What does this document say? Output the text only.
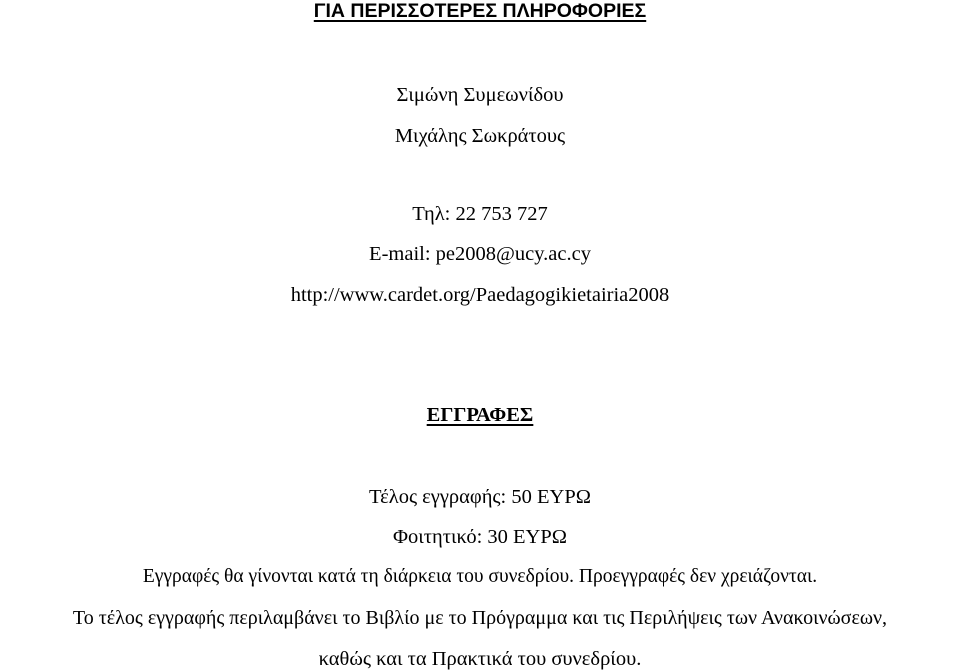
ΓΙΑ ΠΕΡΙΣΣΟΤΕΡΕΣ ΠΛΗΡΟΦΟΡΙΕΣ
Σιμώνη Συμεωνίδου
Μιχάλης Σωκράτους
Τηλ: 22 753 727
E-mail: pe2008@ucy.ac.cy
http://www.cardet.org/Paedagogikietairia2008
ΕΓΓΡΑΦΕΣ
Τέλος εγγραφής: 50 ΕΥΡΩ
Φοιτητικό: 30 ΕΥΡΩ
Εγγραφές θα γίνονται κατά τη διάρκεια του συνεδρίου. Προεγγραφές δεν χρειάζονται.
Το τέλος εγγραφής περιλαμβάνει το Βιβλίο με το Πρόγραμμα και τις Περιλήψεις των Ανακοινώσεων,
καθώς και τα Πρακτικά του συνεδρίου.
